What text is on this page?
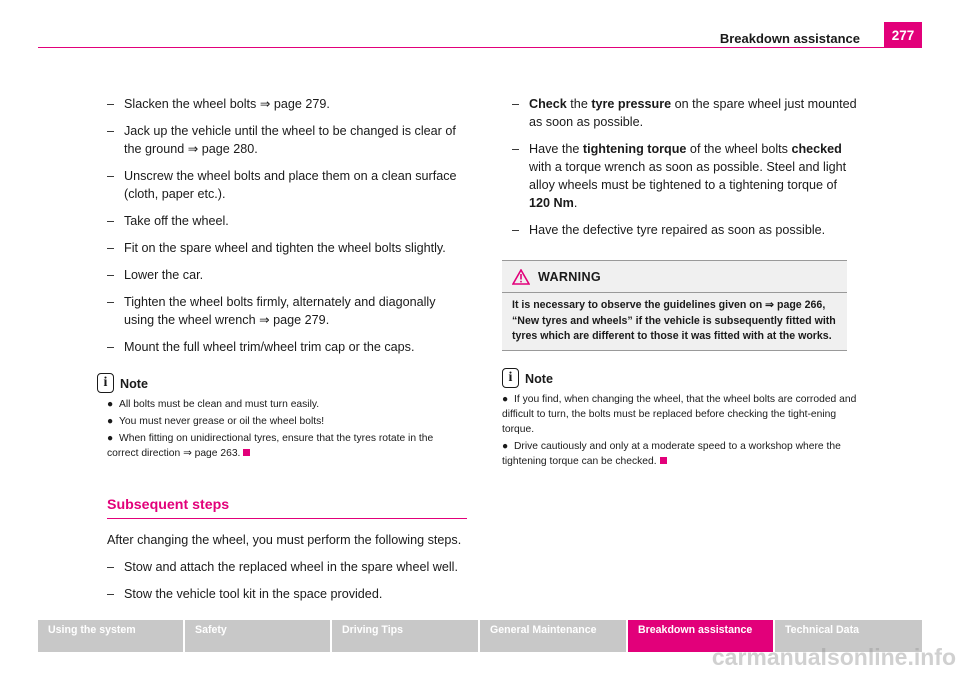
Breakdown assistance	277
– Slacken the wheel bolts ⇒ page 279.
– Jack up the vehicle until the wheel to be changed is clear of the ground ⇒ page 280.
– Unscrew the wheel bolts and place them on a clean surface (cloth, paper etc.).
– Take off the wheel.
– Fit on the spare wheel and tighten the wheel bolts slightly.
– Lower the car.
– Tighten the wheel bolts firmly, alternately and diagonally using the wheel wrench ⇒ page 279.
– Mount the full wheel trim/wheel trim cap or the caps.
i Note
● All bolts must be clean and must turn easily.
● You must never grease or oil the wheel bolts!
● When fitting on unidirectional tyres, ensure that the tyres rotate in the correct direction ⇒ page 263.
Subsequent steps
After changing the wheel, you must perform the following steps.
– Stow and attach the replaced wheel in the spare wheel well.
– Stow the vehicle tool kit in the space provided.
– Check the tyre pressure on the spare wheel just mounted as soon as possible.
– Have the tightening torque of the wheel bolts checked with a torque wrench as soon as possible. Steel and light alloy wheels must be tightened to a tightening torque of 120 Nm.
– Have the defective tyre repaired as soon as possible.
WARNING
It is necessary to observe the guidelines given on ⇒ page 266, “New tyres and wheels” if the vehicle is subsequently fitted with tyres which are different to those it was fitted with at the works.
i Note
● If you find, when changing the wheel, that the wheel bolts are corroded and difficult to turn, the bolts must be replaced before checking the tight-ening torque.
● Drive cautiously and only at a moderate speed to a workshop where the tightening torque can be checked.
Using the system	Safety	Driving Tips	General Maintenance	Breakdown assistance	Technical Data
carmanualsonline.info
